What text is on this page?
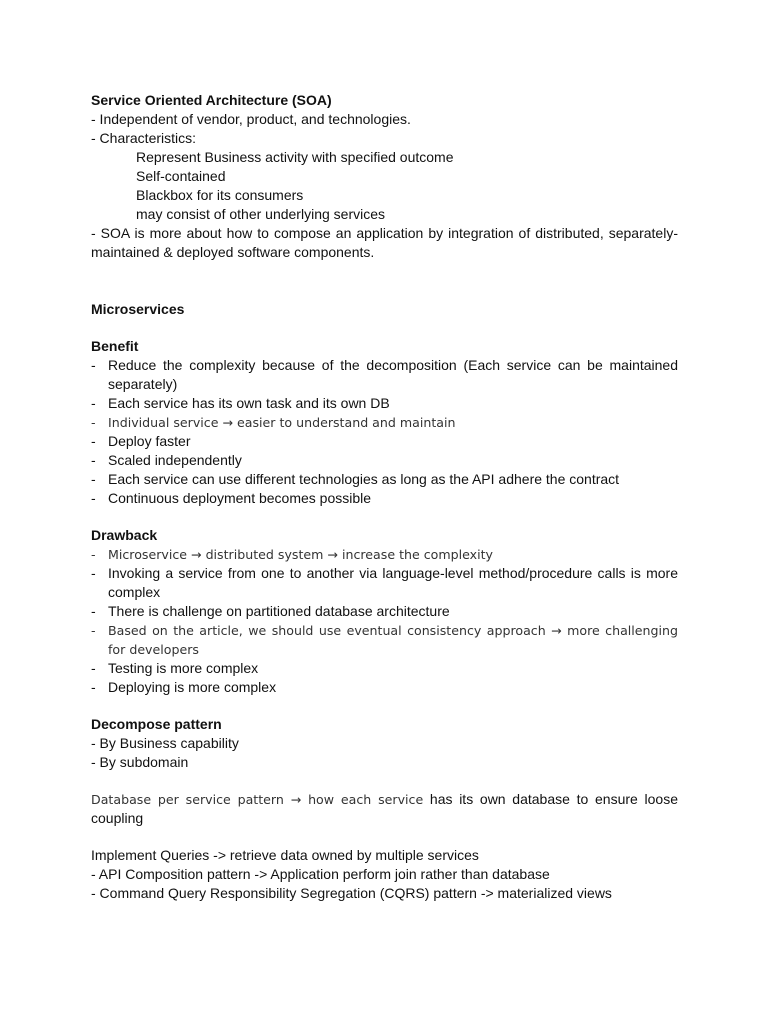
Service Oriented Architecture (SOA)

- Independent of vendor, product, and technologies.

- Characteristics:

Represent Business activity with specified outcome

Self-contained

Blackbox for its consumers

may consist of other underlying services

- SOA is more about how to compose an application by integration of distributed, separately-maintained & deployed software components.

Microservices

Benefit

- Reduce the complexity because of the decomposition (Each service can be maintained separately)
- Each service has its own task and its own DB
- Individual service → easier to understand and maintain
- Deploy faster
- Scaled independently
- Each service can use different technologies as long as the API adhere the contract
- Continuous deployment becomes possible

Drawback

- Microservice → distributed system → increase the complexity
- Invoking a service from one to another via language-level method/procedure calls is more complex
- There is challenge on partitioned database architecture
- Based on the article, we should use eventual consistency approach → more challenging for developers
- Testing is more complex
- Deploying is more complex

Decompose pattern

- By Business capability

- By subdomain

Database per service pattern → how each service has its own database to ensure loose coupling

Implement Queries -> retrieve data owned by multiple services

- API Composition pattern -> Application perform join rather than database

- Command Query Responsibility Segregation (CQRS) pattern -> materialized views
